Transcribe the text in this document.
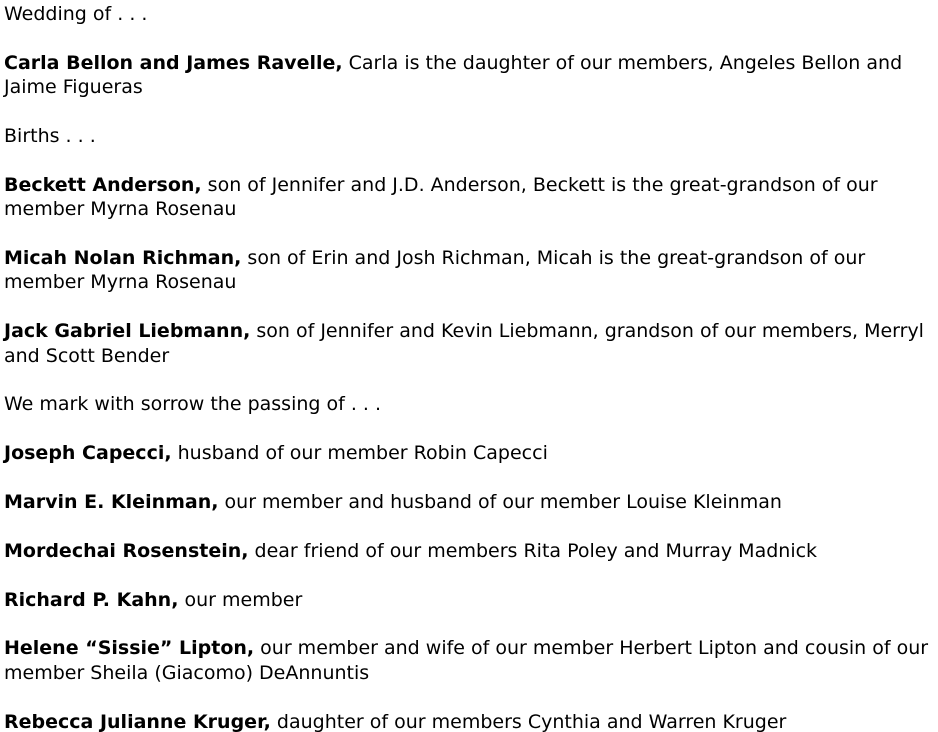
Wedding of . . .

Carla Bellon and James Ravelle, Carla is the daughter of our members, Angeles Bellon and Jaime Figueras

Births . . .

Beckett Anderson, son of Jennifer and J.D. Anderson, Beckett is the great-grandson of our member Myrna Rosenau

Micah Nolan Richman, son of Erin and Josh Richman, Micah is the great-grandson of our member Myrna Rosenau

Jack Gabriel Liebmann, son of Jennifer and Kevin Liebmann, grandson of our members, Merryl and Scott Bender

We mark with sorrow the passing of . . .

Joseph Capecci, husband of our member Robin Capecci

Marvin E. Kleinman, our member and husband of our member Louise Kleinman

Mordechai Rosenstein, dear friend of our members Rita Poley and Murray Madnick

Richard P. Kahn, our member

Helene “Sissie” Lipton, our member and wife of our member Herbert Lipton and cousin of our member Sheila (Giacomo) DeAnnuntis

Rebecca Julianne Kruger, daughter of our members Cynthia and Warren Kruger
